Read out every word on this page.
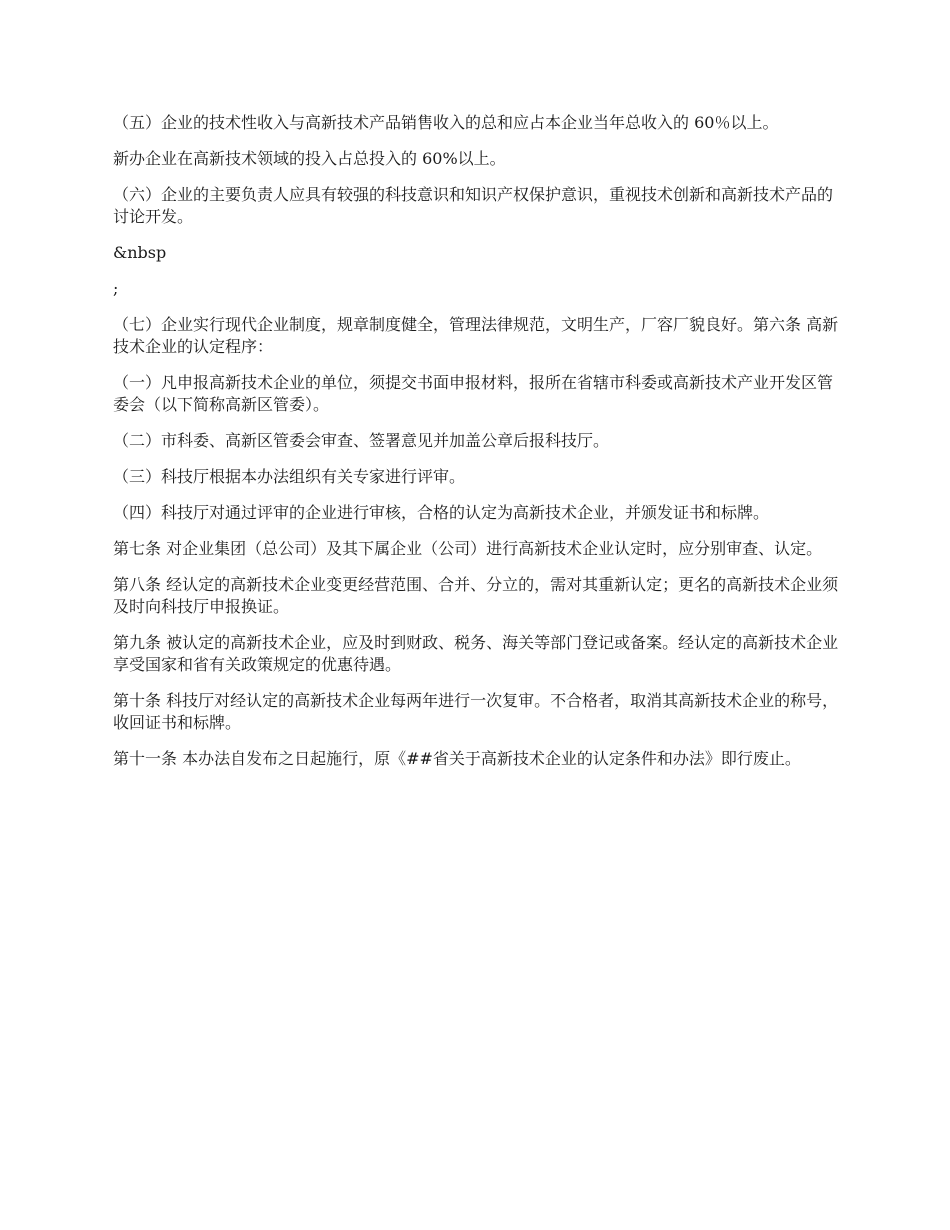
（五）企业的技术性收入与高新技术产品销售收入的总和应占本企业当年总收入的 60％以上。

新办企业在高新技术领域的投入占总投入的 60%以上。

（六）企业的主要负责人应具有较强的科技意识和知识产权保护意识，重视技术创新和高新技术产品的讨论开发。

&nbsp

;

（七）企业实行现代企业制度，规章制度健全，管理法律规范，文明生产，厂容厂貌良好。第六条 高新技术企业的认定程序：

（一）凡申报高新技术企业的单位，须提交书面申报材料，报所在省辖市科委或高新技术产业开发区管委会（以下简称高新区管委）。

（二）市科委、高新区管委会审查、签署意见并加盖公章后报科技厅。

（三）科技厅根据本办法组织有关专家进行评审。

（四）科技厅对通过评审的企业进行审核，合格的认定为高新技术企业，并颁发证书和标牌。

第七条 对企业集团（总公司）及其下属企业（公司）进行高新技术企业认定时，应分别审查、认定。

第八条 经认定的高新技术企业变更经营范围、合并、分立的，需对其重新认定；更名的高新技术企业须及时向科技厅申报换证。

第九条 被认定的高新技术企业，应及时到财政、税务、海关等部门登记或备案。经认定的高新技术企业享受国家和省有关政策规定的优惠待遇。

第十条 科技厅对经认定的高新技术企业每两年进行一次复审。不合格者，取消其高新技术企业的称号，收回证书和标牌。

第十一条 本办法自发布之日起施行，原《##省关于高新技术企业的认定条件和办法》即行废止。
